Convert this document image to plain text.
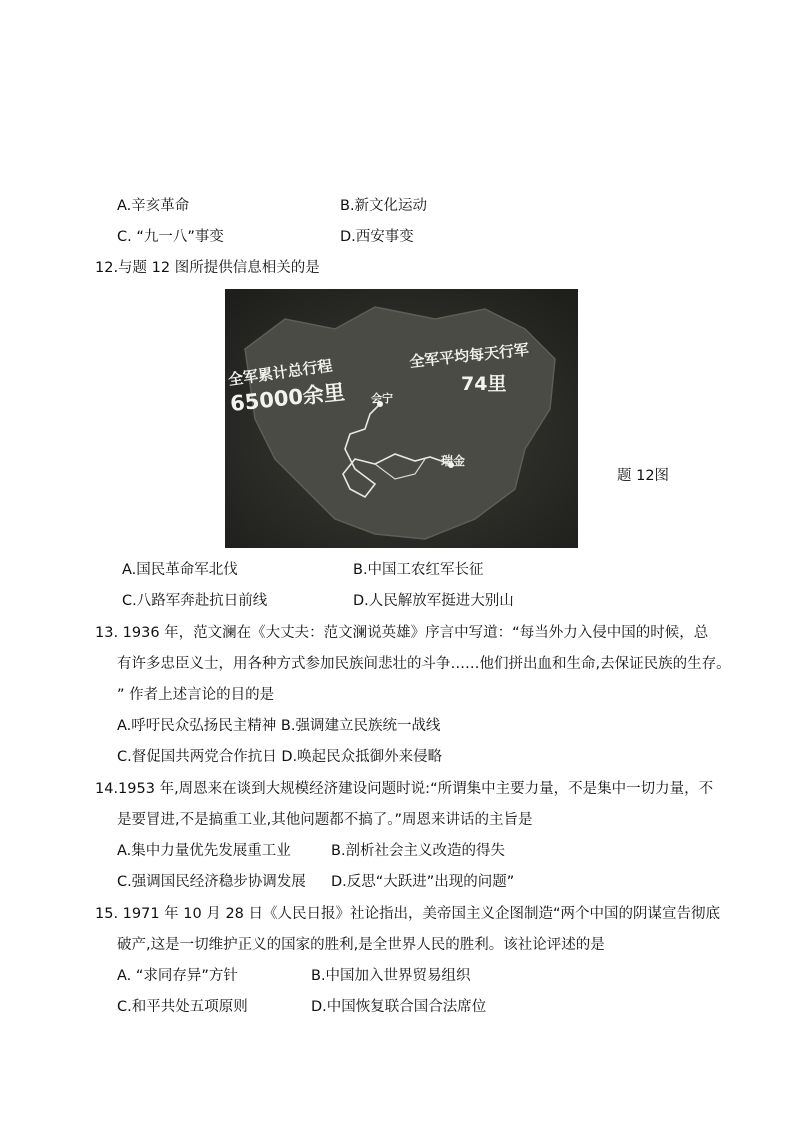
A.辛亥革命	B.新文化运动
C. “九一八”事变	D.西安事变
12.与题 12 图所提供信息相关的是
全军累计总行程
65000余里
全军平均每天行军
74里
会宁
瑞金
题 12图
A.国民革命军北伐	B.中国工农红军长征
C.八路军奔赴抗日前线	D.人民解放军挺进大别山
13. 1936 年，范文澜在《大丈夫：范文澜说英雄》序言中写道：“每当外力入侵中国的时候，总
有许多忠臣义士，用各种方式参加民族间悲壮的斗争……他们拼出血和生命,去保证民族的生存。
” 作者上述言论的目的是
A.呼吁民众弘扬民主精神 B.强调建立民族统一战线
C.督促国共两党合作抗日 D.唤起民众抵御外来侵略
14.1953 年,周恩来在谈到大规模经济建设问题时说:“所谓集中主要力量，不是集中一切力量，不
是要冒进,不是搞重工业,其他问题都不搞了。”周恩来讲话的主旨是
A.集中力量优先发展重工业	B.剖析社会主义改造的得失
C.强调国民经济稳步协调发展 D.反思“大跃进”出现的问题”
15. 1971 年 10 月 28 日《人民日报》社论指出，美帝国主义企图制造“两个中国的阴谋宣告彻底
破产,这是一切维护正义的国家的胜利,是全世界人民的胜利。该社论评述的是
A. “求同存异”方针	B.中国加入世界贸易组织
C.和平共处五项原则	D.中国恢复联合国合法席位
